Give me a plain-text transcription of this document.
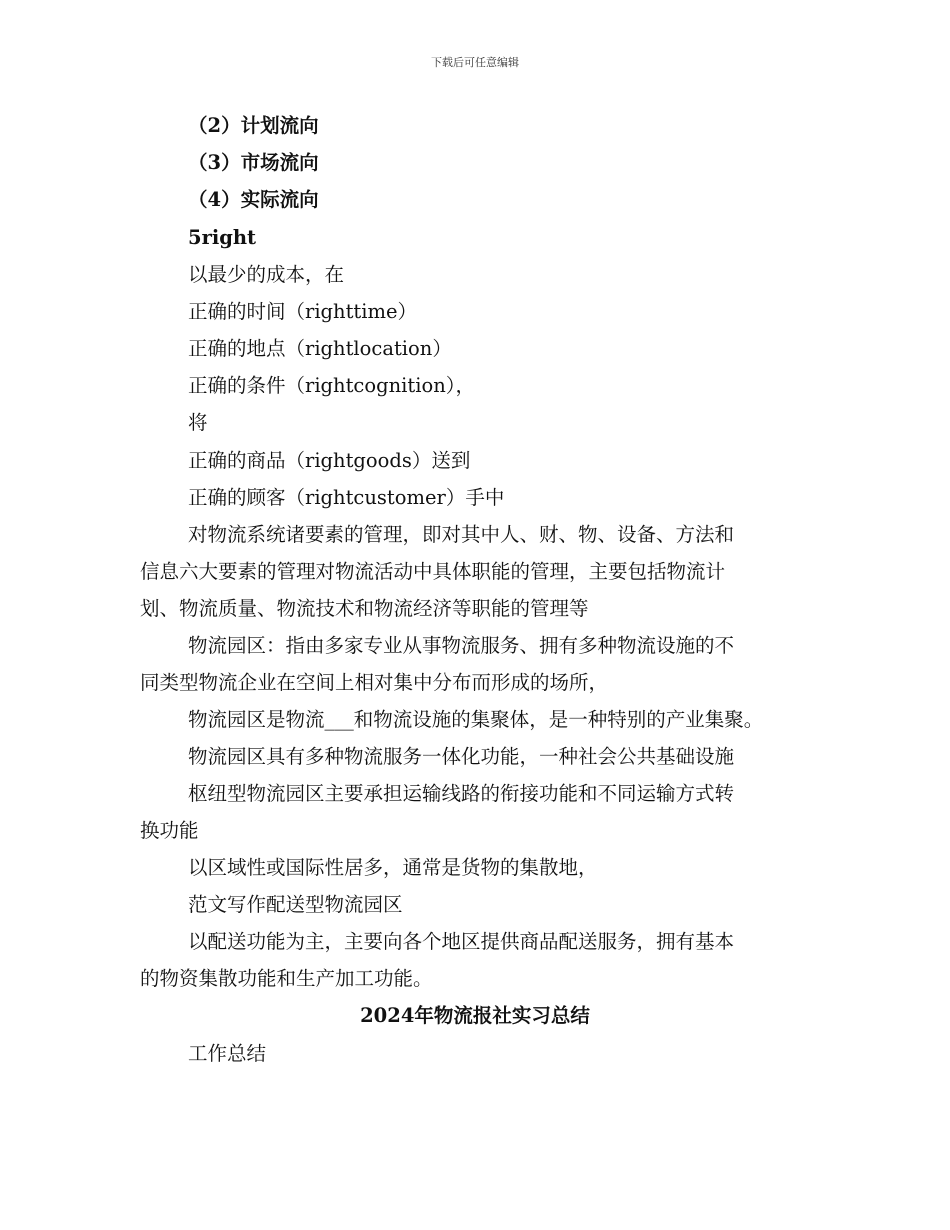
下载后可任意编辑
（2）计划流向
（3）市场流向
（4）实际流向
5right
以最少的成本，在
正确的时间（righttime）
正确的地点（rightlocation）
正确的条件（rightcognition），
将
正确的商品（rightgoods）送到
正确的顾客（rightcustomer）手中
对物流系统诸要素的管理，即对其中人、财、物、设备、方法和
信息六大要素的管理对物流活动中具体职能的管理，主要包括物流计
划、物流质量、物流技术和物流经济等职能的管理等
物流园区：指由多家专业从事物流服务、拥有多种物流设施的不
同类型物流企业在空间上相对集中分布而形成的场所，
物流园区是物流___和物流设施的集聚体，是一种特别的产业集聚。
物流园区具有多种物流服务一体化功能，一种社会公共基础设施
枢纽型物流园区主要承担运输线路的衔接功能和不同运输方式转
换功能
以区域性或国际性居多，通常是货物的集散地，
范文写作配送型物流园区
以配送功能为主，主要向各个地区提供商品配送服务，拥有基本
的物资集散功能和生产加工功能。
2024年物流报社实习总结
工作总结
